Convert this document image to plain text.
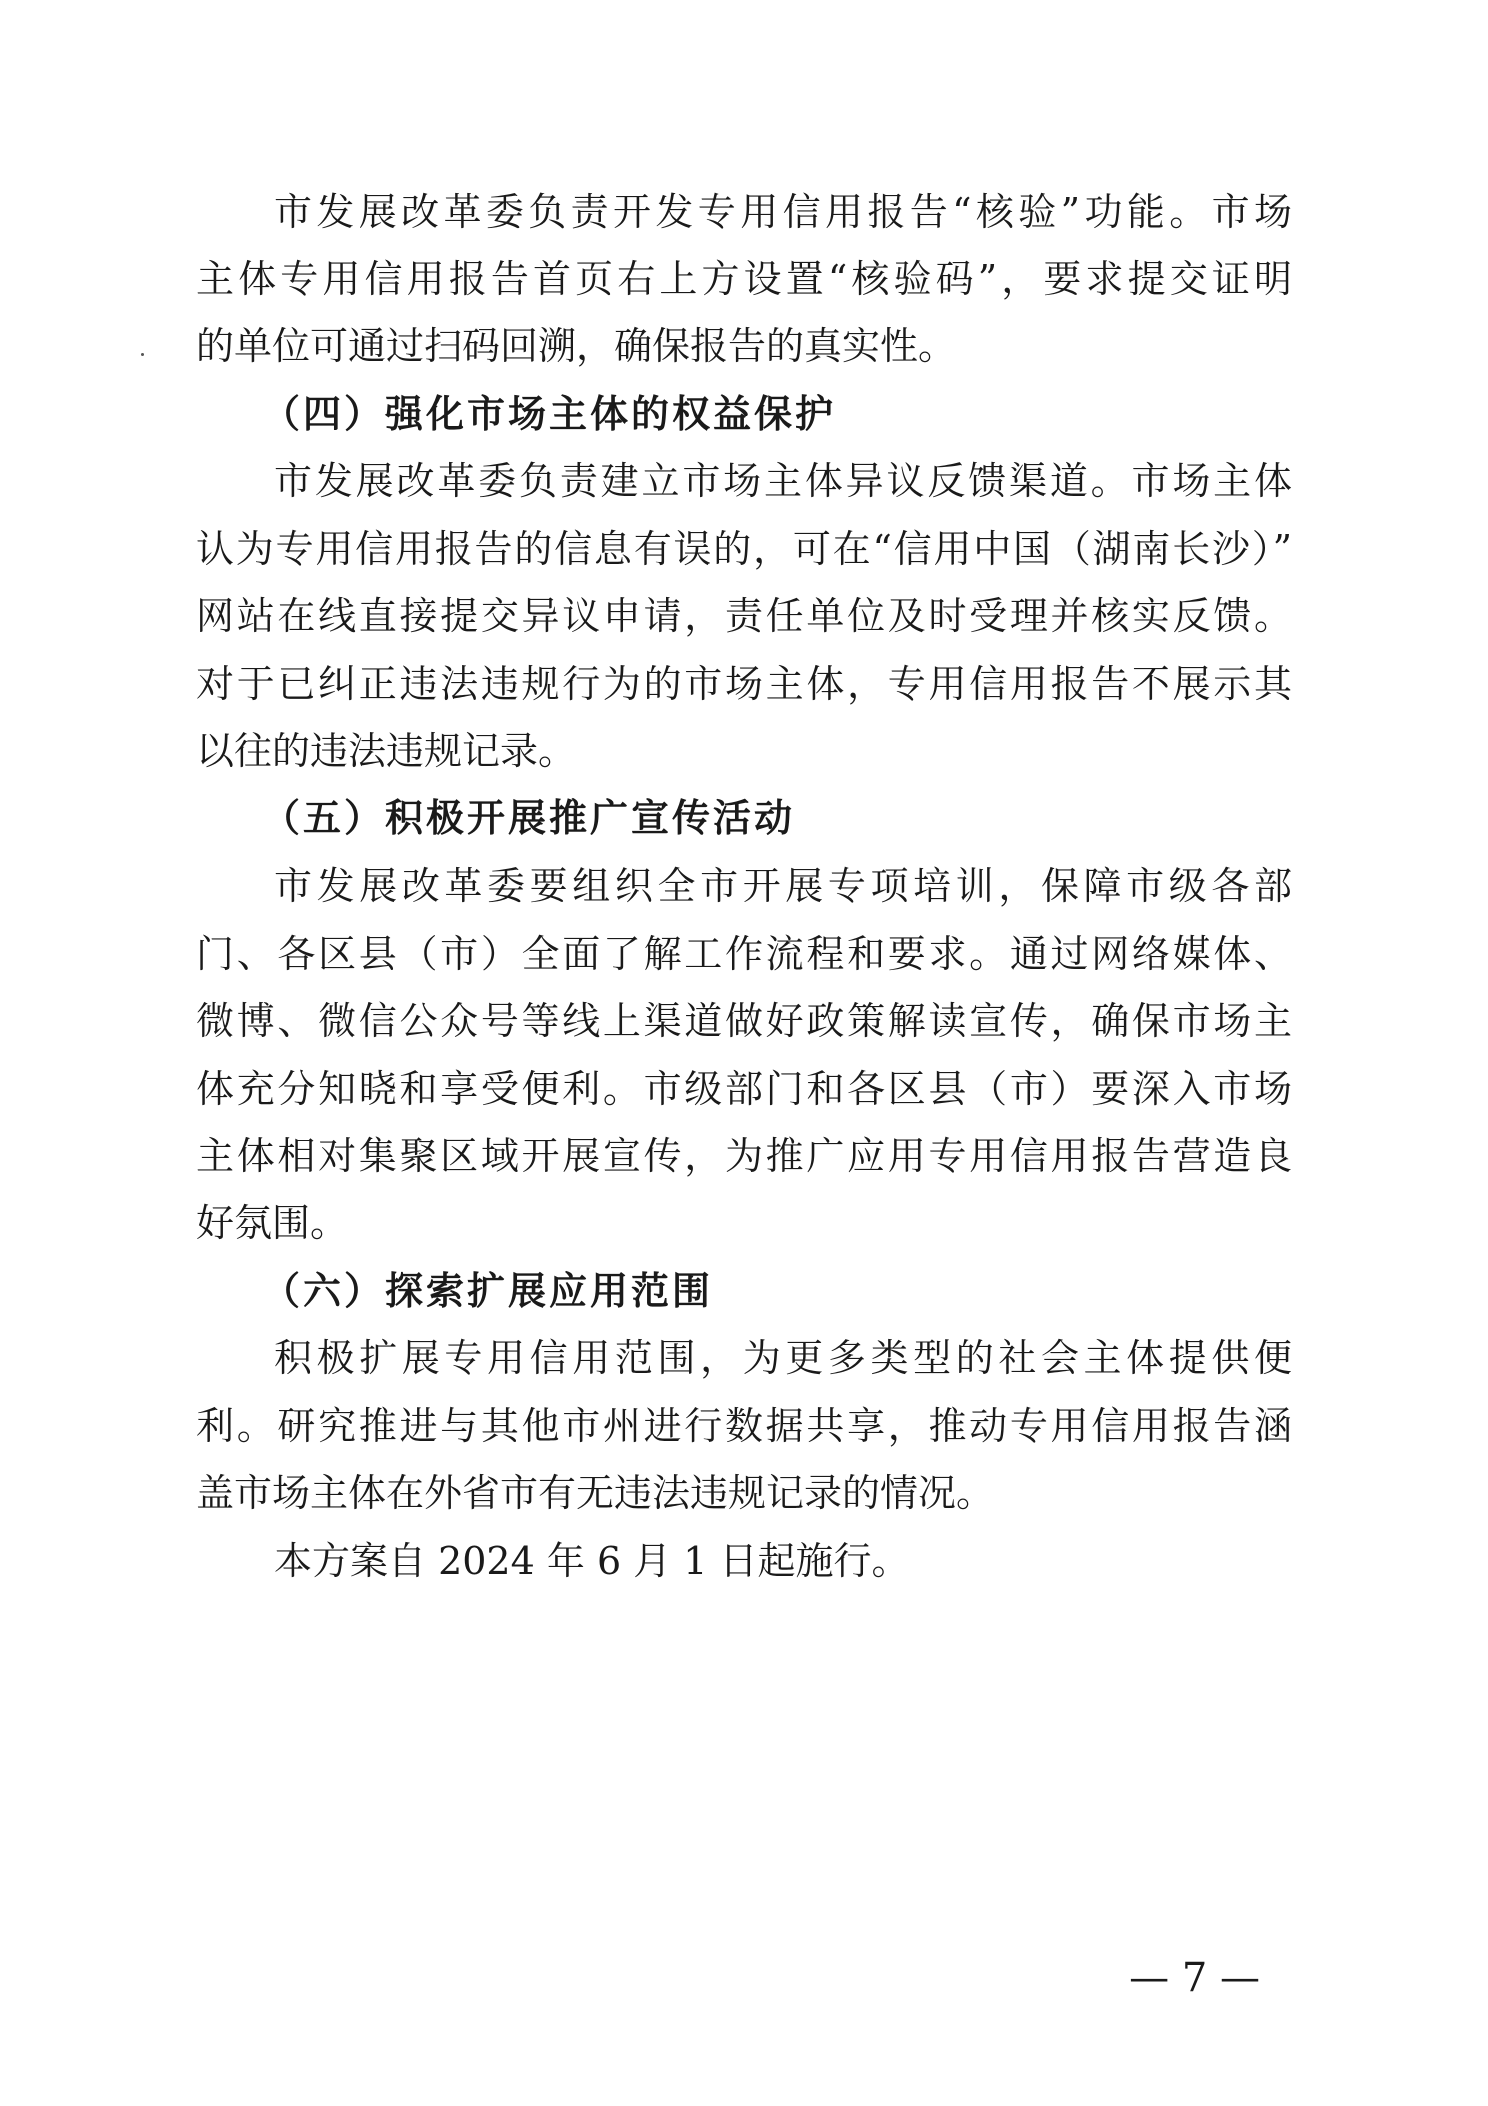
市发展改革委负责开发专用信用报告“核验”功能。市场
主体专用信用报告首页右上方设置“核验码”，要求提交证明
的单位可通过扫码回溯，确保报告的真实性。
（四）强化市场主体的权益保护
市发展改革委负责建立市场主体异议反馈渠道。市场主体
认为专用信用报告的信息有误的，可在“信用中国（湖南长沙）”
网站在线直接提交异议申请，责任单位及时受理并核实反馈。
对于已纠正违法违规行为的市场主体，专用信用报告不展示其
以往的违法违规记录。
（五）积极开展推广宣传活动
市发展改革委要组织全市开展专项培训，保障市级各部
门、各区县（市）全面了解工作流程和要求。通过网络媒体、
微博、微信公众号等线上渠道做好政策解读宣传，确保市场主
体充分知晓和享受便利。市级部门和各区县（市）要深入市场
主体相对集聚区域开展宣传，为推广应用专用信用报告营造良
好氛围。
（六）探索扩展应用范围
积极扩展专用信用范围，为更多类型的社会主体提供便
利。研究推进与其他市州进行数据共享，推动专用信用报告涵
盖市场主体在外省市有无违法违规记录的情况。
本方案自 2024 年 6 月 1 日起施行。
— 7 —
